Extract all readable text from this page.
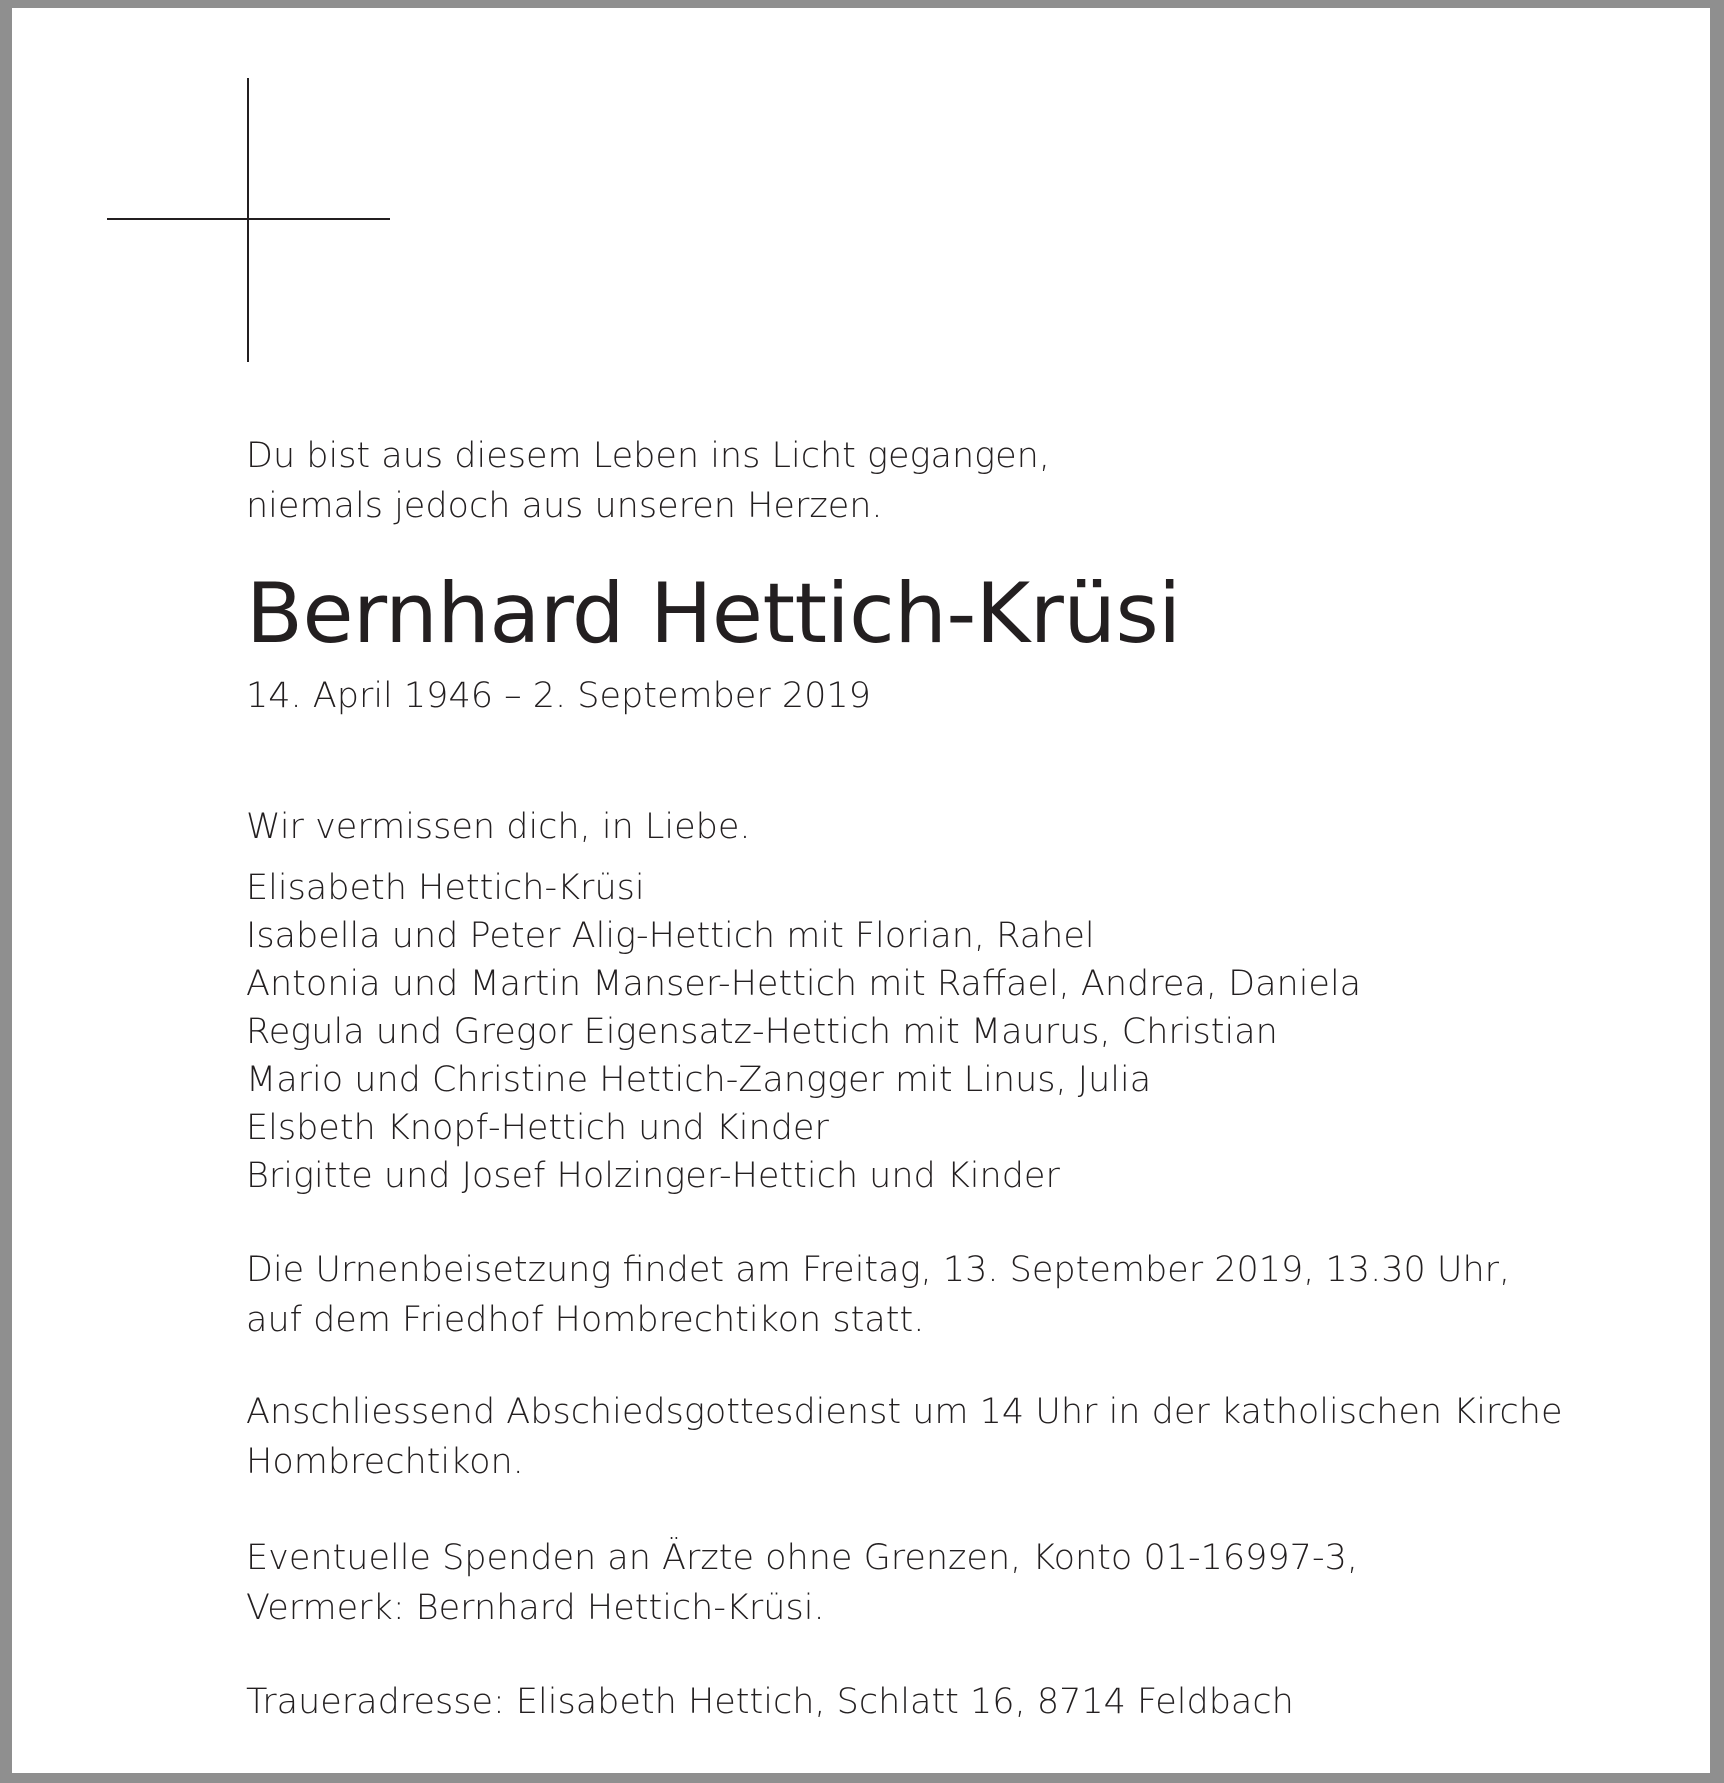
Du bist aus diesem Leben ins Licht gegangen,
niemals jedoch aus unseren Herzen.
Bernhard Hettich-Krüsi
14. April 1946 – 2. September 2019
Wir vermissen dich, in Liebe.
Elisabeth Hettich-Krüsi
Isabella und Peter Alig-Hettich mit Florian, Rahel
Antonia und Martin Manser-Hettich mit Raffael, Andrea, Daniela
Regula und Gregor Eigensatz-Hettich mit Maurus, Christian
Mario und Christine Hettich-Zangger mit Linus, Julia
Elsbeth Knopf-Hettich und Kinder
Brigitte und Josef Holzinger-Hettich und Kinder
Die Urnenbeisetzung findet am Freitag, 13. September 2019, 13.30 Uhr,
auf dem Friedhof Hombrechtikon statt.
Anschliessend Abschiedsgottesdienst um 14 Uhr in der katholischen Kirche
Hombrechtikon.
Eventuelle Spenden an Ärzte ohne Grenzen, Konto 01-16997-3,
Vermerk: Bernhard Hettich-Krüsi.
Traueradresse: Elisabeth Hettich, Schlatt 16, 8714 Feldbach
